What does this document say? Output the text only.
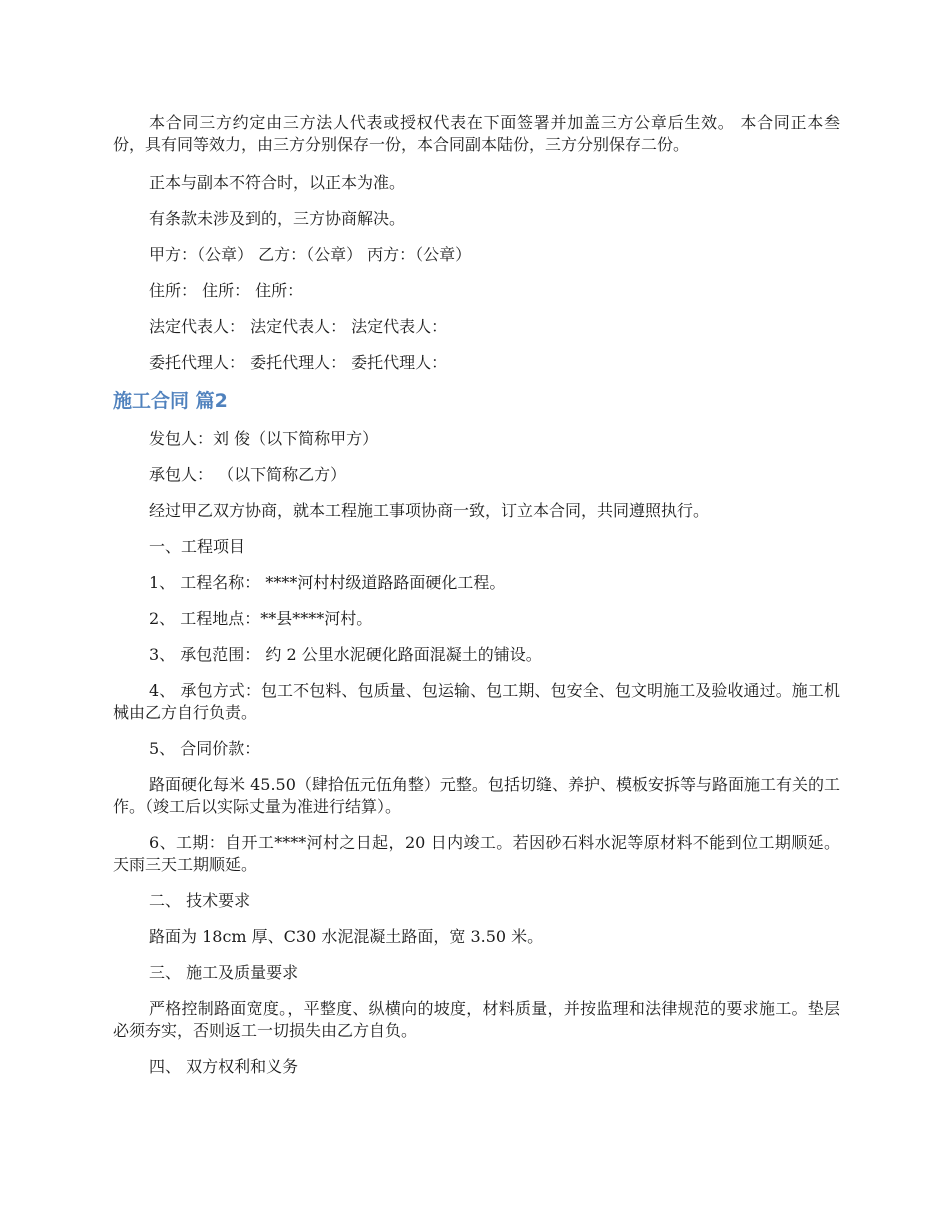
本合同三方约定由三方法人代表或授权代表在下面签署并加盖三方公章后生效。 本合同正本叁份，具有同等效力，由三方分别保存一份，本合同副本陆份，三方分别保存二份。

正本与副本不符合时，以正本为准。

有条款未涉及到的，三方协商解决。

甲方：（公章） 乙方：（公章） 丙方：（公章）

住所： 住所： 住所：

法定代表人： 法定代表人： 法定代表人：

委托代理人： 委托代理人： 委托代理人：

施工合同 篇2

发包人：刘 俊（以下简称甲方）

承包人： （以下简称乙方）

经过甲乙双方协商，就本工程施工事项协商一致，订立本合同，共同遵照执行。

一、工程项目

1、 工程名称： ****河村村级道路路面硬化工程。

2、 工程地点：**县****河村。

3、 承包范围： 约 2 公里水泥硬化路面混凝土的铺设。

4、 承包方式：包工不包料、包质量、包运输、包工期、包安全、包文明施工及验收通过。施工机械由乙方自行负责。

5、 合同价款：

路面硬化每米 45.50（肆拾伍元伍角整）元整。包括切缝、养护、模板安拆等与路面施工有关的工作。（竣工后以实际丈量为准进行结算）。

6、工期：自开工****河村之日起，20 日内竣工。若因砂石料水泥等原材料不能到位工期顺延。天雨三天工期顺延。

二、 技术要求

路面为 18cm 厚、C30 水泥混凝土路面，宽 3.50 米。

三、 施工及质量要求

严格控制路面宽度。，平整度、纵横向的坡度，材料质量，并按监理和法律规范的要求施工。垫层必须夯实，否则返工一切损失由乙方自负。

四、 双方权利和义务
